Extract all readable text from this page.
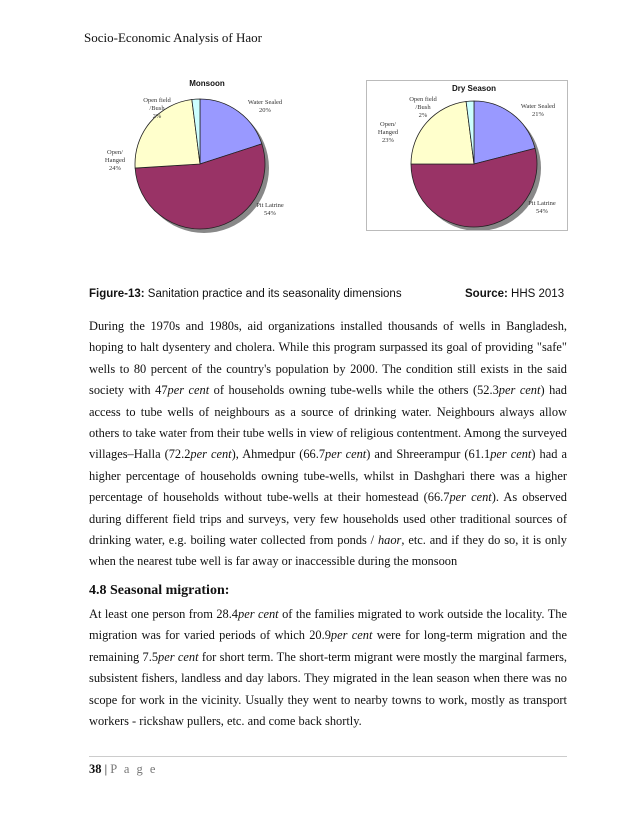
Socio-Economic Analysis of Haor
Water Sealed 20%
Pit Latrine 54%
Open/ Hanged 24%
Open field /Bush 2%
Monsoon
Water Sealed 21%
Pit Latrine 54%
Open/ Hanged 23%
Open field /Bush 2%
Dry Season
Figure-13: Sanitation practice and its seasonality dimensions	Source: HHS 2013

During the 1970s and 1980s, aid organizations installed thousands of wells in Bangladesh, hoping to halt dysentery and cholera. While this program surpassed its goal of providing "safe" wells to 80 percent of the country's population by 2000. The condition still exists in the said society with 47per cent of households owning tube-wells while the others (52.3per cent) had access to tube wells of neighbours as a source of drinking water. Neighbours always allow others to take water from their tube wells in view of religious contentment. Among the surveyed villages–Halla (72.2per cent), Ahmedpur (66.7per cent) and Shreerampur (61.1per cent) had a higher percentage of households owning tube-wells, whilst in Dashghari there was a higher percentage of households without tube-wells at their homestead (66.7per cent). As observed during different field trips and surveys, very few households used other traditional sources of drinking water, e.g. boiling water collected from ponds / haor, etc. and if they do so, it is only when the nearest tube well is far away or inaccessible during the monsoon

4.8 Seasonal migration:

At least one person from 28.4per cent of the families migrated to work outside the locality. The migration was for varied periods of which 20.9per cent were for long-term migration and the remaining 7.5per cent for short term. The short-term migrant were mostly the marginal farmers, subsistent fishers, landless and day labors. They migrated in the lean season when there was no scope for work in the vicinity. Usually they went to nearby towns to work, mostly as transport workers - rickshaw pullers, etc. and come back shortly.

38 | P a g e
